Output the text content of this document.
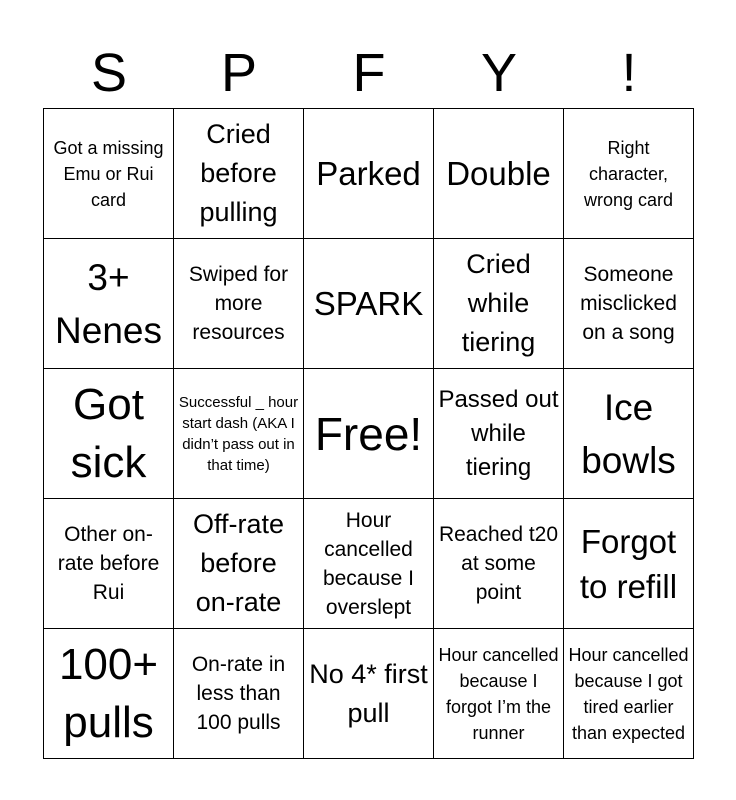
S	P	F	Y	!
Got a missing Emu or Rui card
Cried before pulling
Parked Double
Right character, wrong card
3+ Nenes
Swiped for more resources
SPARK
Cried while tiering
Someone misclicked on a song
Got sick
Successful _ hour start dash (AKA I didn’t pass out in that time)
Free!
Passed out while tiering
Ice bowls
Other on-rate before Rui
Off-rate before on-rate
Hour cancelled because I overslept
Reached t20 at some point
Forgot to refill
100+ pulls
On-rate in less than 100 pulls
No 4* first pull
Hour cancelled because I forgot I’m the runner
Hour cancelled because I got tired earlier than expected
